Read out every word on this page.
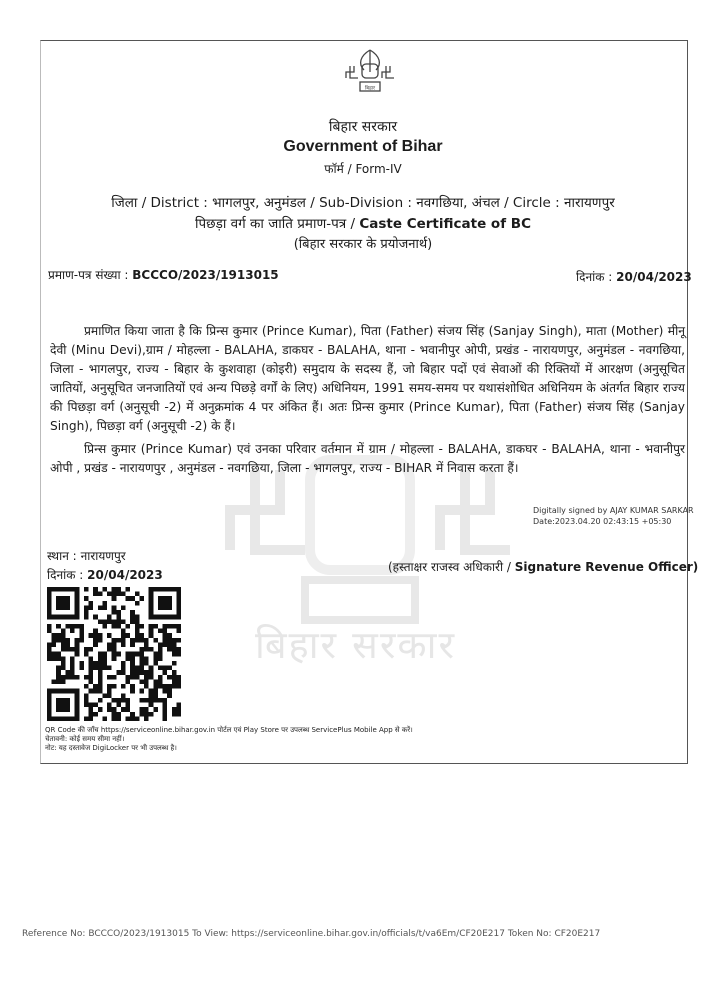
बिहार सरकार
बिहार
बिहार सरकार
Government of Bihar
फॉर्म / Form-IV
जिला / District : भागलपुर, अनुमंडल / Sub-Division : नवगछिया, अंचल / Circle : नारायणपुर
पिछड़ा वर्ग का जाति प्रमाण-पत्र / Caste Certificate of BC
(बिहार सरकार के प्रयोजनार्थ)
प्रमाण-पत्र संख्या : BCCCO/2023/1913015	दिनांक : 20/04/2023
प्रमाणित किया जाता है कि प्रिन्स कुमार (Prince Kumar), पिता (Father) संजय सिंह (Sanjay Singh), माता (Mother) मीनू देवी (Minu Devi),ग्राम / मोहल्ला - BALAHA, डाकघर - BALAHA, थाना - भवानीपुर ओपी, प्रखंड - नारायणपुर, अनुमंडल - नवगछिया, जिला - भागलपुर, राज्य - बिहार के कुशवाहा (कोइरी) समुदाय के सदस्य हैं, जो बिहार पदों एवं सेवाओं की रिक्तियों में आरक्षण (अनुसूचित जातियों, अनुसूचित जनजातियों एवं अन्य पिछड़े वर्गों के लिए) अधिनियम, 1991 समय-समय पर यथासंशोधित अधिनियम के अंतर्गत बिहार राज्य की पिछड़ा वर्ग (अनुसूची -2) में अनुक्रमांक 4 पर अंकित हैं। अतः प्रिन्स कुमार (Prince Kumar), पिता (Father) संजय सिंह (Sanjay Singh), पिछड़ा वर्ग (अनुसूची -2) के हैं।
प्रिन्स कुमार (Prince Kumar) एवं उनका परिवार वर्तमान में ग्राम / मोहल्ला - BALAHA, डाकघर - BALAHA, थाना - भवानीपुर ओपी , प्रखंड - नारायणपुर , अनुमंडल - नवगछिया, जिला - भागलपुर, राज्य - BIHAR में निवास करता हैं।
Digitally signed by AJAY KUMAR SARKAR
Date:2023.04.20 02:43:15 +05:30
स्थान : नारायणपुर
दिनांक : 20/04/2023
(हस्ताक्षर राजस्व अधिकारी / Signature Revenue Officer)
QR Code की जाँच https://serviceonline.bihar.gov.in पोर्टल एवं Play Store पर उपलब्ध ServicePlus Mobile App से करें।
चेतावनी: कोई समय सीमा नहीं।
नोट: यह दस्तावेज DigiLocker पर भी उपलब्ध है।
Reference No: BCCCO/2023/1913015 To View: https://serviceonline.bihar.gov.in/officials/t/va6Em/CF20E217 Token No: CF20E217
